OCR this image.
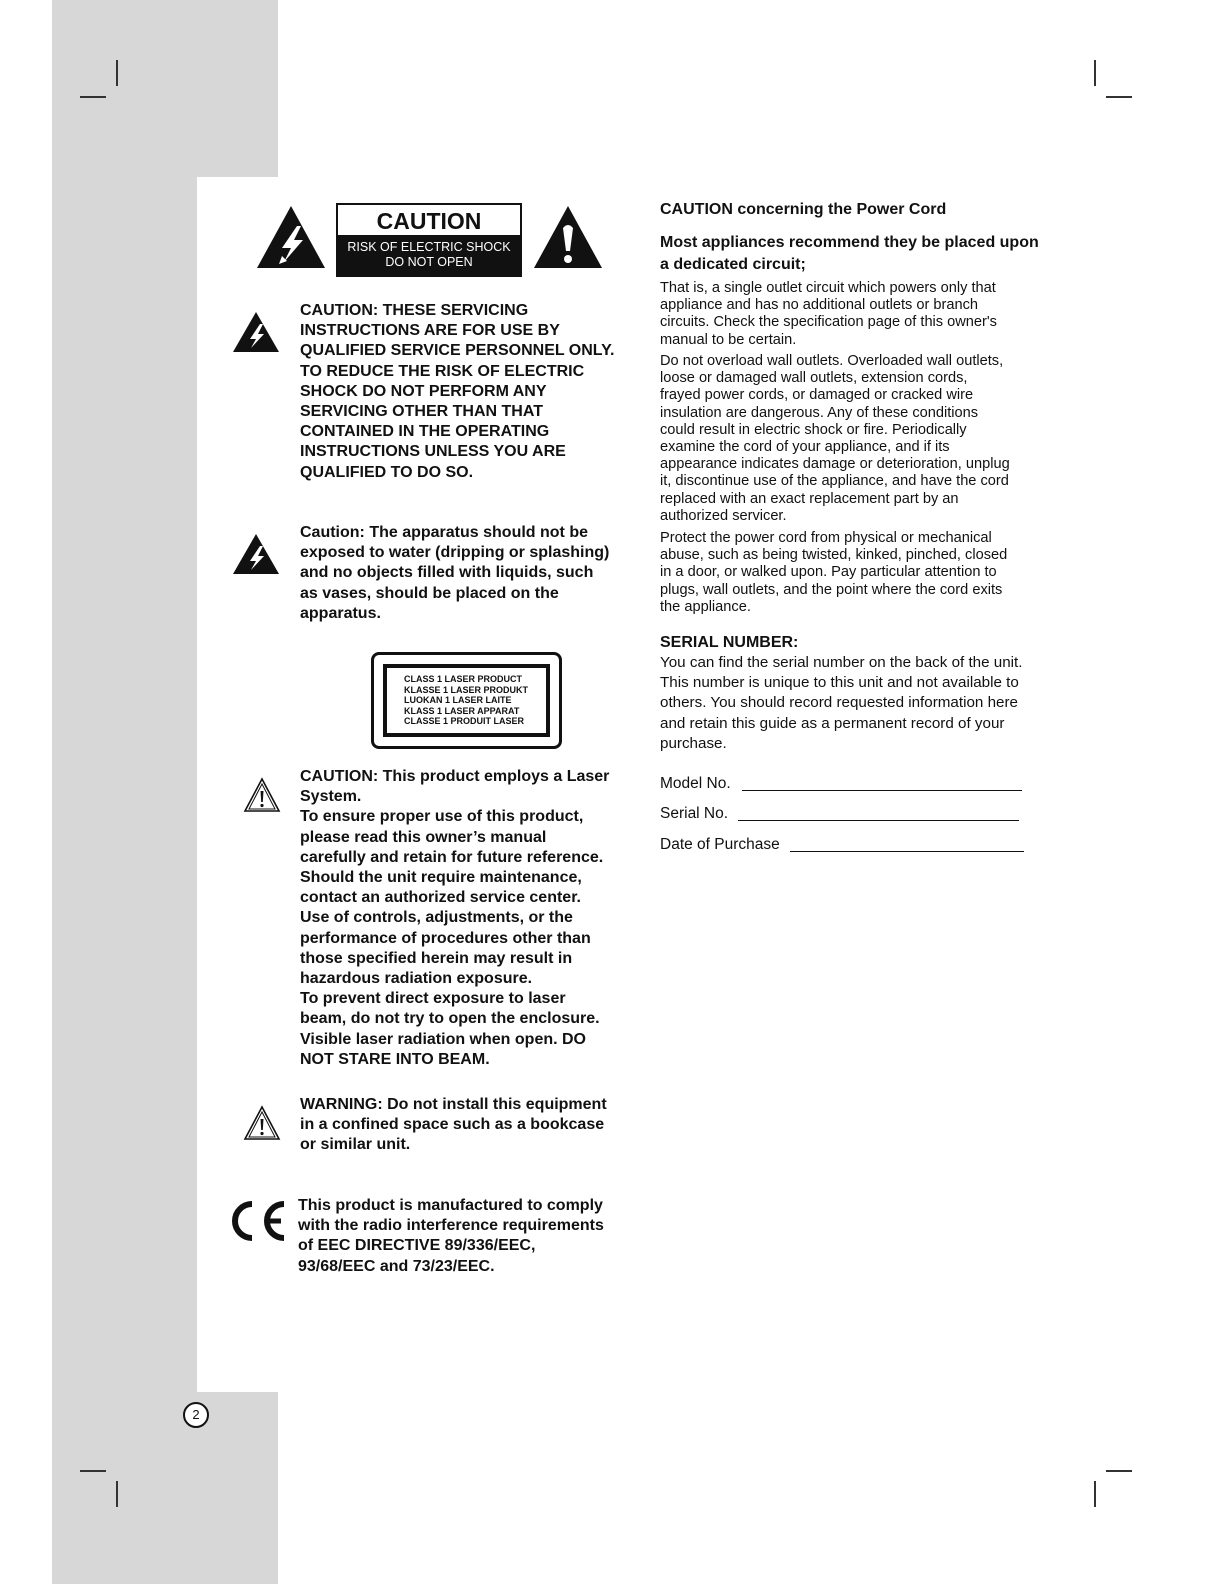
CAUTION
RISK OF ELECTRIC SHOCK
DO NOT OPEN
CAUTION: THESE SERVICING
INSTRUCTIONS ARE FOR USE BY
QUALIFIED SERVICE PERSONNEL ONLY.
TO REDUCE THE RISK OF ELECTRIC
SHOCK DO NOT PERFORM ANY
SERVICING OTHER THAN THAT
CONTAINED IN THE OPERATING
INSTRUCTIONS UNLESS YOU ARE
QUALIFIED TO DO SO.
Caution: The apparatus should not be
exposed to water (dripping or splashing)
and no objects filled with liquids, such
as vases, should be placed on the
apparatus.
CLASS 1 LASER PRODUCT
KLASSE 1 LASER PRODUKT
LUOKAN 1 LASER LAITE
KLASS 1 LASER APPARAT
CLASSE 1 PRODUIT LASER
CAUTION: This product employs a Laser
System.
To ensure proper use of this product,
please read this owner’s manual
carefully and retain for future reference.
Should the unit require maintenance,
contact an authorized service center.
Use of controls, adjustments, or the
performance of procedures other than
those specified herein may result in
hazardous radiation exposure.
To prevent direct exposure to laser
beam, do not try to open the enclosure.
Visible laser radiation when open. DO
NOT STARE INTO BEAM.
WARNING: Do not install this equipment
in a confined space such as a bookcase
or similar unit.
This product is manufactured to comply
with the radio interference requirements
of EEC DIRECTIVE 89/336/EEC,
93/68/EEC and 73/23/EEC.
CAUTION concerning the Power Cord
Most appliances recommend they be placed upon
a dedicated circuit;
That is, a single outlet circuit which powers only that
appliance and has no additional outlets or branch
circuits. Check the specification page of this owner's
manual to be certain.
Do not overload wall outlets. Overloaded wall outlets,
loose or damaged wall outlets, extension cords,
frayed power cords, or damaged or cracked wire
insulation are dangerous. Any of these conditions
could result in electric shock or fire. Periodically
examine the cord of your appliance, and if its
appearance indicates damage or deterioration, unplug
it, discontinue use of the appliance, and have the cord
replaced with an exact replacement part by an
authorized servicer.
Protect the power cord from physical or mechanical
abuse, such as being twisted, kinked, pinched, closed
in a door, or walked upon. Pay particular attention to
plugs, wall outlets, and the point where the cord exits
the appliance.
SERIAL NUMBER:
You can find the serial number on the back of the unit.
This number is unique to this unit and not available to
others. You should record requested information here
and retain this guide as a permanent record of your
purchase.
Model No.
Serial No.
Date of Purchase
2
